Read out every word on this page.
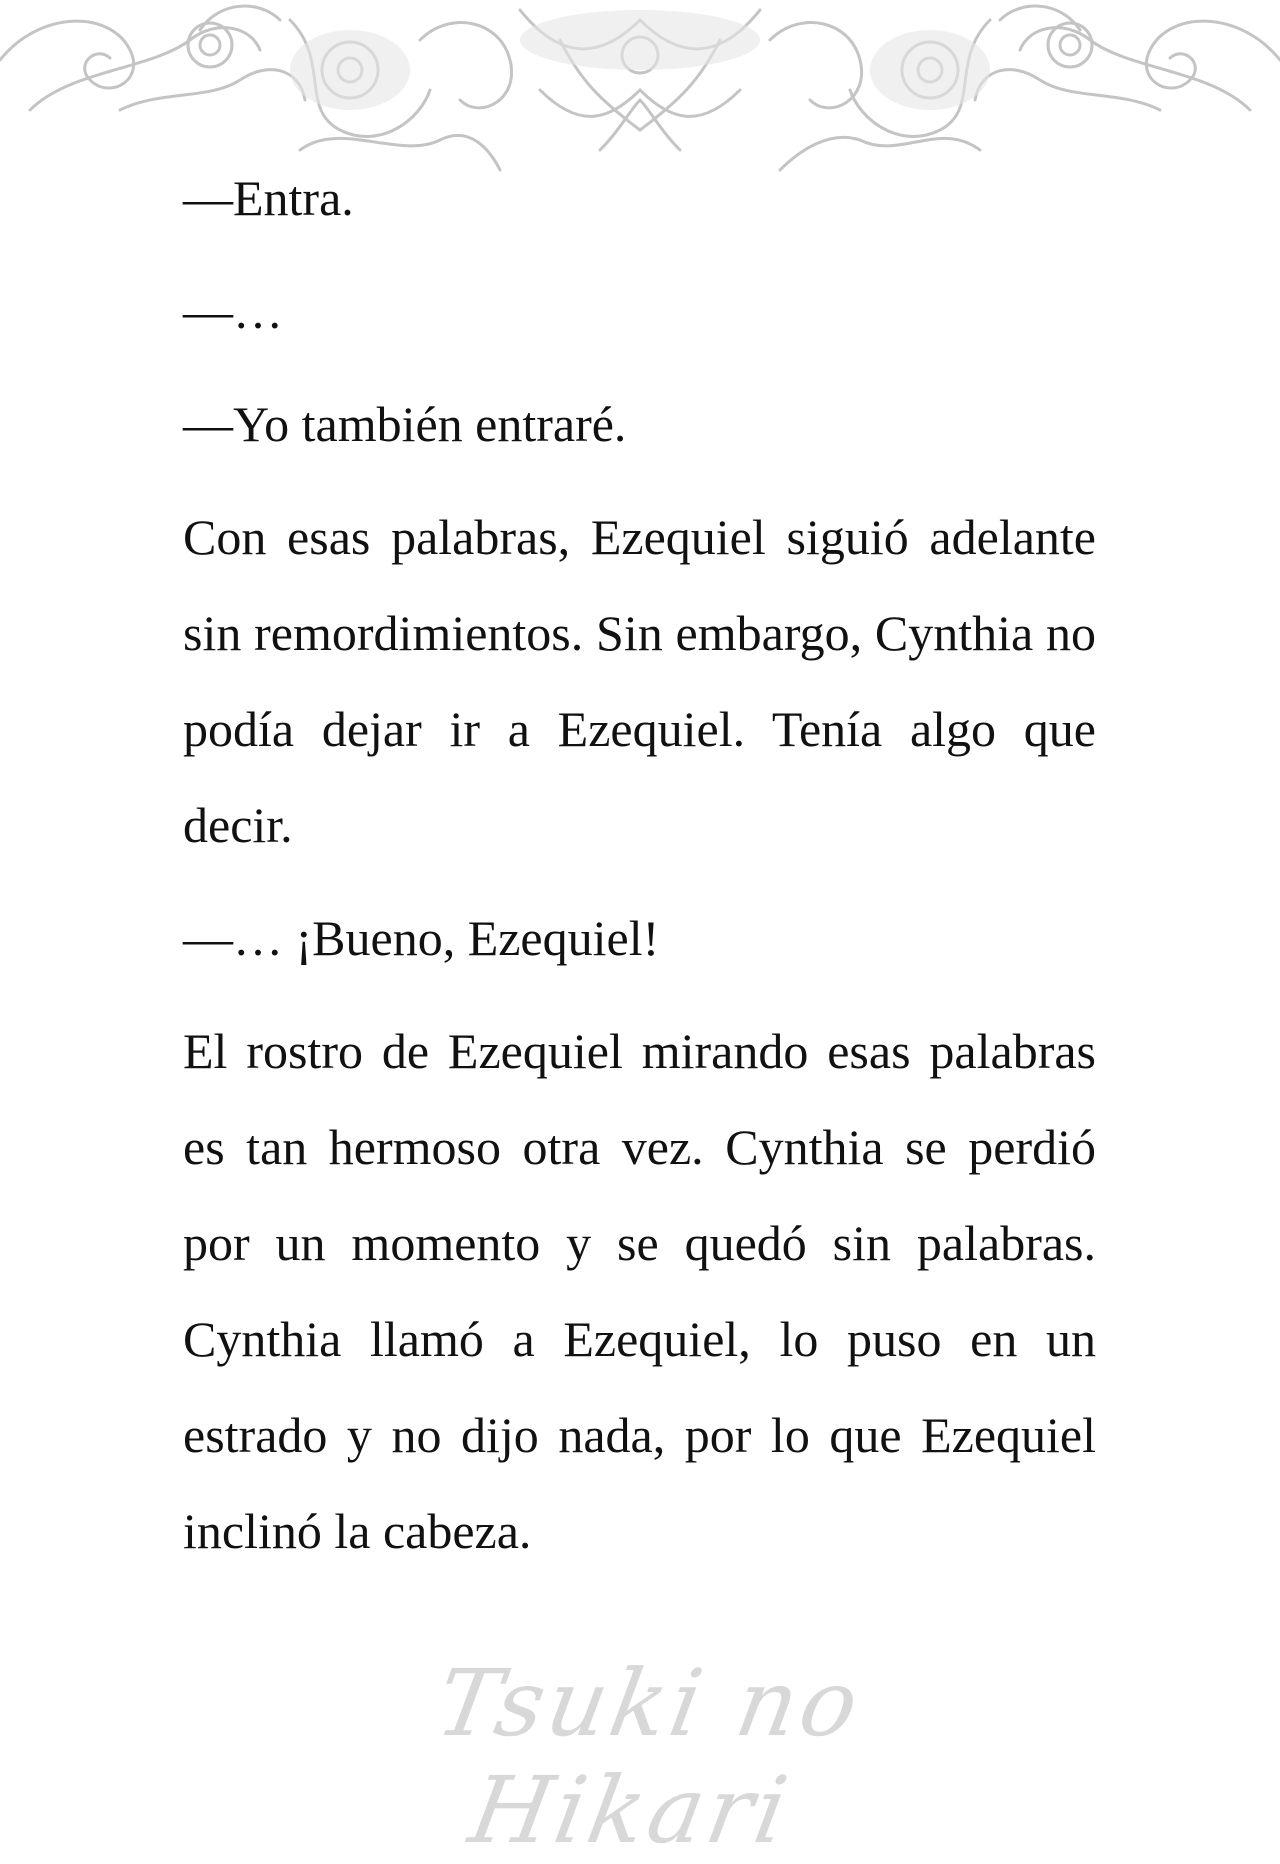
—Entra.

—…

—Yo también entraré.

Con esas palabras, Ezequiel siguió adelante sin remordimientos. Sin embargo, Cynthia no podía dejar ir a Ezequiel. Tenía algo que decir.

—… ¡Bueno, Ezequiel!

El rostro de Ezequiel mirando esas palabras es tan hermoso otra vez. Cynthia se perdió por un momento y se quedó sin palabras. Cynthia llamó a Ezequiel, lo puso en un estrado y no dijo nada, por lo que Ezequiel inclinó la cabeza.

Tsuki no Hikari
